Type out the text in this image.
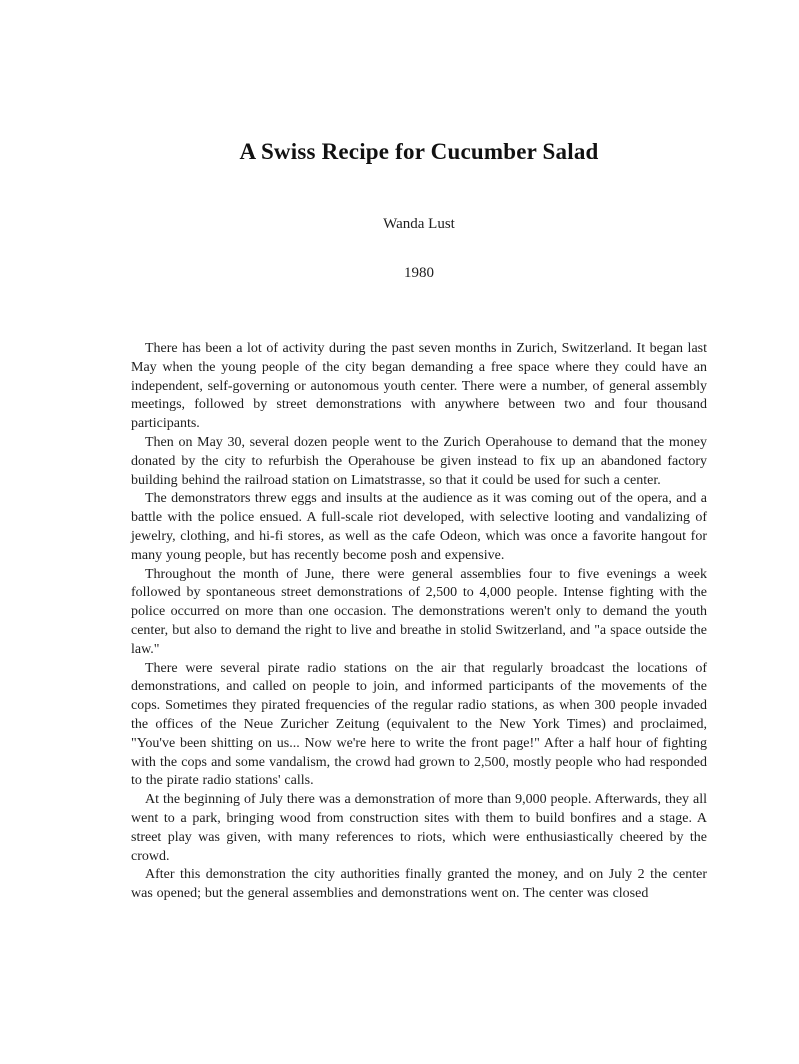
A Swiss Recipe for Cucumber Salad
Wanda Lust
1980

There has been a lot of activity during the past seven months in Zurich, Switzerland. It began last May when the young people of the city began demanding a free space where they could have an independent, self-governing or autonomous youth center. There were a number, of general assembly meetings, followed by street demonstrations with anywhere between two and four thousand participants.

Then on May 30, several dozen people went to the Zurich Operahouse to demand that the money donated by the city to refurbish the Operahouse be given instead to fix up an abandoned factory building behind the railroad station on Limatstrasse, so that it could be used for such a center.

The demonstrators threw eggs and insults at the audience as it was coming out of the opera, and a battle with the police ensued. A full-scale riot developed, with selective looting and vandalizing of jewelry, clothing, and hi-fi stores, as well as the cafe Odeon, which was once a favorite hangout for many young people, but has recently become posh and expensive.

Throughout the month of June, there were general assemblies four to five evenings a week followed by spontaneous street demonstrations of 2,500 to 4,000 people. Intense fighting with the police occurred on more than one occasion. The demonstrations weren't only to demand the youth center, but also to demand the right to live and breathe in stolid Switzerland, and "a space outside the law."

There were several pirate radio stations on the air that regularly broadcast the locations of demonstrations, and called on people to join, and informed participants of the movements of the cops. Sometimes they pirated frequencies of the regular radio stations, as when 300 people invaded the offices of the Neue Zuricher Zeitung (equivalent to the New York Times) and proclaimed, "You've been shitting on us... Now we're here to write the front page!" After a half hour of fighting with the cops and some vandalism, the crowd had grown to 2,500, mostly people who had responded to the pirate radio stations' calls.

At the beginning of July there was a demonstration of more than 9,000 people. Afterwards, they all went to a park, bringing wood from construction sites with them to build bonfires and a stage. A street play was given, with many references to riots, which were enthusiastically cheered by the crowd.

After this demonstration the city authorities finally granted the money, and on July 2 the center was opened; but the general assemblies and demonstrations went on. The center was closed
